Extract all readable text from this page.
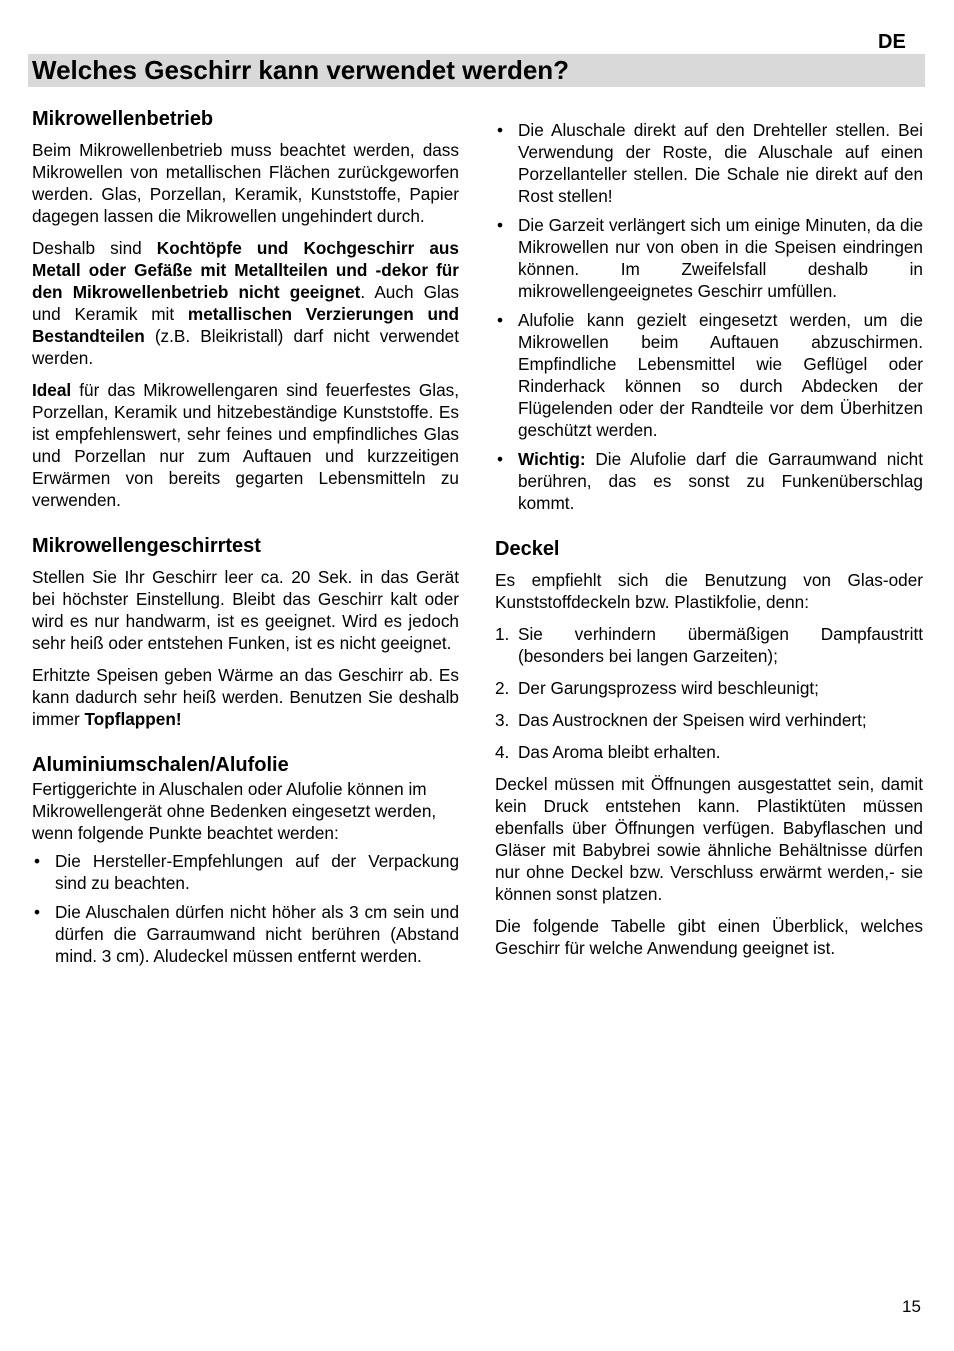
DE
Welches Geschirr kann verwendet werden?
Mikrowellenbetrieb

Beim Mikrowellenbetrieb muss beachtet werden, dass Mikrowellen von metallischen Flächen zurückgeworfen werden. Glas, Porzellan, Keramik, Kunststoffe, Papier dagegen lassen die Mikrowellen ungehindert durch.

Deshalb sind Kochtöpfe und Kochgeschirr aus Metall oder Gefäße mit Metallteilen und -dekor für den Mikrowellenbetrieb nicht geeignet. Auch Glas und Keramik mit metallischen Verzierungen und Bestandteilen (z.B. Bleikristall) darf nicht verwendet werden.

Ideal für das Mikrowellengaren sind feuerfestes Glas, Porzellan, Keramik und hitzebeständige Kunststoffe. Es ist empfehlenswert, sehr feines und empfindliches Glas und Porzellan nur zum Auftauen und kurzzeitigen Erwärmen von bereits gegarten Lebensmitteln zu verwenden.

Mikrowellengeschirrtest

Stellen Sie Ihr Geschirr leer ca. 20 Sek. in das Gerät bei höchster Einstellung. Bleibt das Geschirr kalt oder wird es nur handwarm, ist es geeignet. Wird es jedoch sehr heiß oder entstehen Funken, ist es nicht geeignet.

Erhitzte Speisen geben Wärme an das Geschirr ab. Es kann dadurch sehr heiß werden. Benutzen Sie deshalb immer Topflappen!

Aluminiumschalen/Alufolie

Fertiggerichte in Aluschalen oder Alufolie können im Mikrowellengerät ohne Bedenken eingesetzt werden, wenn folgende Punkte beachtet werden:

• Die Hersteller-Empfehlungen auf der Verpackung sind zu beachten.
• Die Aluschalen dürfen nicht höher als 3 cm sein und dürfen die Garraumwand nicht berühren (Abstand mind. 3 cm). Aludeckel müssen entfernt werden.
• Die Aluschale direkt auf den Drehteller stellen. Bei Verwendung der Roste, die Aluschale auf einen Porzellanteller stellen. Die Schale nie direkt auf den Rost stellen!
• Die Garzeit verlängert sich um einige Minuten, da die Mikrowellen nur von oben in die Speisen eindringen können. Im Zweifelsfall deshalb in mikrowellengeeignetes Geschirr umfüllen.
• Alufolie kann gezielt eingesetzt werden, um die Mikrowellen beim Auftauen abzuschirmen. Empfindliche Lebensmittel wie Geflügel oder Rinderhack können so durch Abdecken der Flügelenden oder der Randteile vor dem Überhitzen geschützt werden.
• Wichtig: Die Alufolie darf die Garraumwand nicht berühren, das es sonst zu Funkenüberschlag kommt.
Deckel

Es empfiehlt sich die Benutzung von Glas-oder Kunststoffdeckeln bzw. Plastikfolie, denn:

1. Sie verhindern übermäßigen Dampfaustritt (besonders bei langen Garzeiten);
2. Der Garungsprozess wird beschleunigt;
3. Das Austrocknen der Speisen wird verhindert;
4. Das Aroma bleibt erhalten.

Deckel müssen mit Öffnungen ausgestattet sein, damit kein Druck entstehen kann. Plastiktüten müssen ebenfalls über Öffnungen verfügen. Babyflaschen und Gläser mit Babybrei sowie ähnliche Behältnisse dürfen nur ohne Deckel bzw. Verschluss erwärmt werden,- sie können sonst platzen.

Die folgende Tabelle gibt einen Überblick, welches Geschirr für welche Anwendung geeignet ist.

15
